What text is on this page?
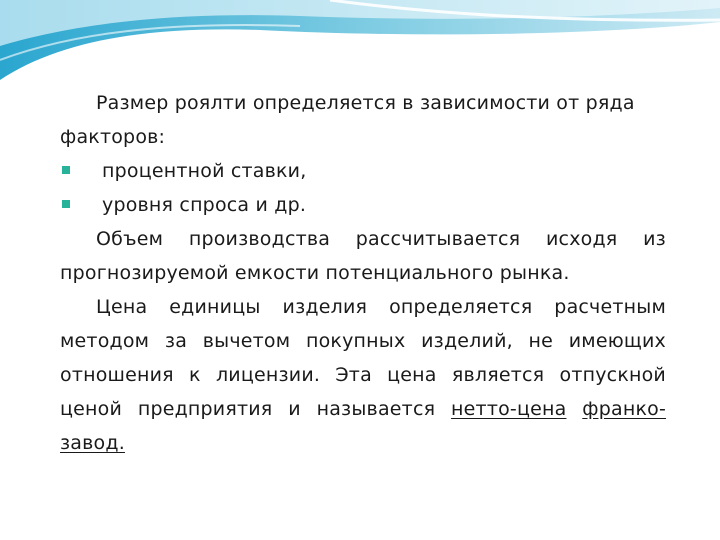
Размер роялти определяется в зависимости от ряда факторов:

процентной ставки,

уровня спроса и др.

Объем производства рассчитывается исходя из прогнозируемой емкости потенциального рынка.

Цена единицы изделия определяется расчетным методом за вычетом покупных изделий, не имеющих отношения к лицензии. Эта цена является отпускной ценой предприятия и называется нетто-цена франко-завод.
